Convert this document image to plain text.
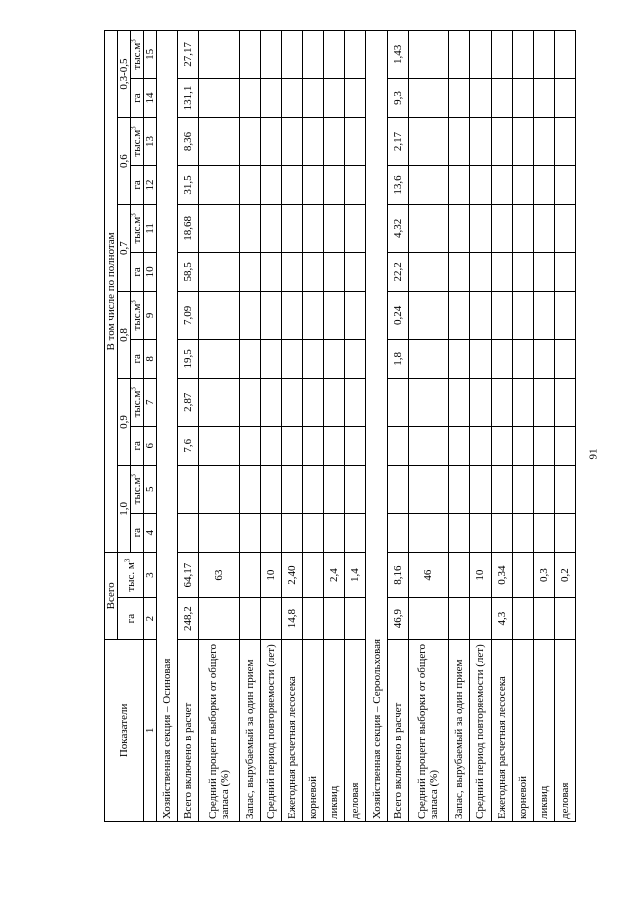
Показатели	Всего		В том числе по полнотам											
	га	тыс. $м^3$	1,0		0,9		0,8		0,7		0,6		0,3-0,5	
			га	$тыс.м^3$	га	$тыс.м^3$	га	$тыс.м^3$	га	$тыс.м^3$	га	$тыс.м^3$	га	$тыс.м^3$
1	2	3	4	5	6	7	8	9	10	11	12	13	14	15
Хозяйственная секция – Осиновая														
Всего включено в расчет	248,2	64,17			7,6	2,87	19,5	7,09	58,5	18,68	31,5	8,36	131,1	27,17
Средний процент выборки от общего запаса (%)		63												
Запас, вырубаемый за один прием														
Средний период повторяемости (лет)		10												
Ежегодная расчетная лесосека	14,8	2,40												
корневой														
ликвид		2,4												
деловая		1,4												
Хозяйственная секция – Сероольховая														
Всего включено в расчет	46,9	8,16					1,8	0,24	22,2	4,32	13,6	2,17	9,3	1,43
Средний процент выборки от общего запаса (%)		46												
Запас, вырубаемый за один прием														
Средний период повторяемости (лет)		10												
Ежегодная расчетная лесосека	4,3	0,34												
корневой														
ликвид		0,3												
деловая		0,2												
91
